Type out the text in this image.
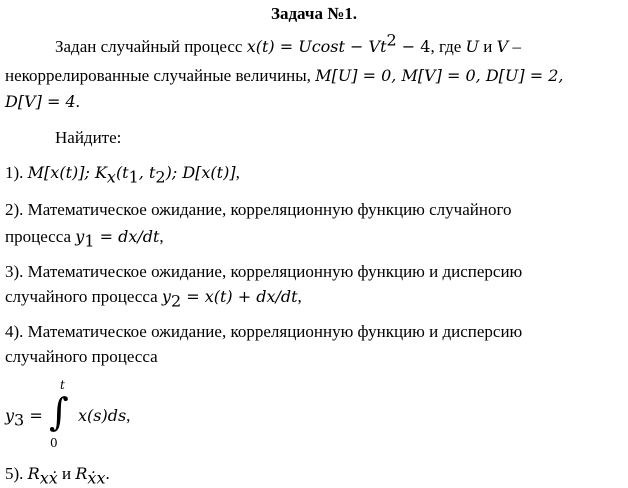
Задача №1.
Задан случайный процесс $x(t) = Ucost - Vt^2 - 4$, где U и V –
некоррелированные случайные величины, M[U] = 0, M[V] = 0, D[U] = 2,
D[V] = 4.
Найдите:
1). M[x(t)]; $K_x(t_1$, $t_2$); D[x(t)],
2). Математическое ожидание, корреляционную функцию случайного
процесса $y_1 = dx/dt$,
3). Математическое ожидание, корреляционную функцию и дисперсию
случайного процесса $y_2 = x(t) + dx/dt$,
4). Математическое ожидание, корреляционную функцию и дисперсию
случайного процесса
$y_3$ = ∫
t
0
x(s)ds,
5). $R_{xẋ}$ и $R_{ẋx}$.
